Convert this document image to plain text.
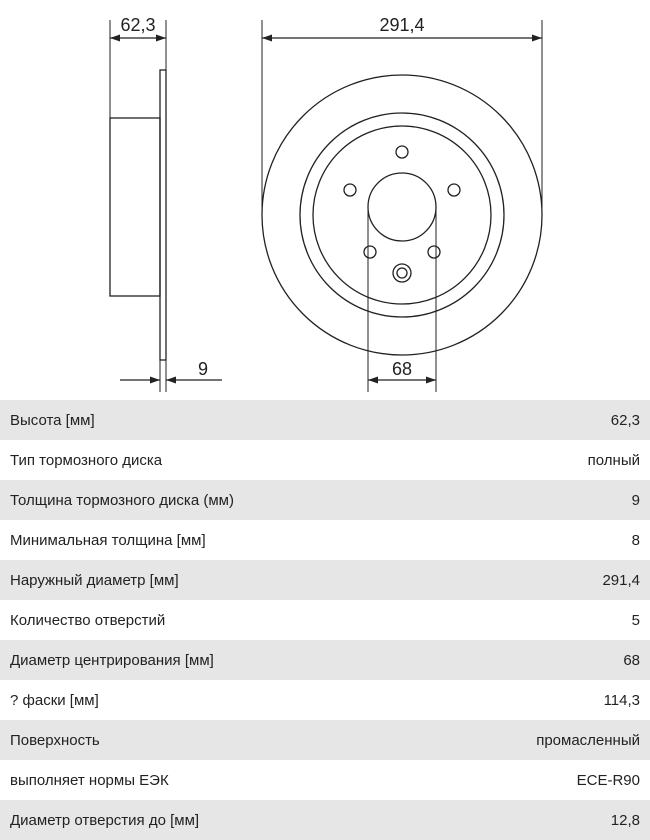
62,3
9
291,4
68
Высота [мм]	62,3
Тип тормозного диска	полный
Толщина тормозного диска (мм)	9
Минимальная толщина [мм]	8
Наружный диаметр [мм]	291,4
Количество отверстий	5
Диаметр центрирования [мм]	68
? фаски [мм]	114,3
Поверхность	промасленный
выполняет нормы ЕЭК	ECE-R90
Диаметр отверстия до [мм]	12,8
